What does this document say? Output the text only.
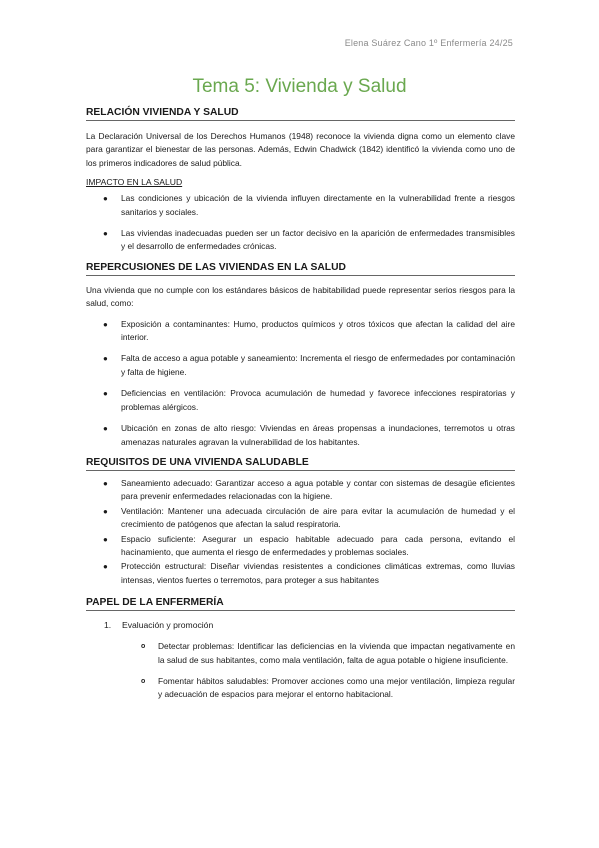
Elena Suárez Cano 1º Enfermería 24/25
Tema 5: Vivienda y Salud
RELACIÓN VIVIENDA Y SALUD

La Declaración Universal de los Derechos Humanos (1948) reconoce la vivienda digna como un elemento clave para garantizar el bienestar de las personas. Además, Edwin Chadwick (1842) identificó la vivienda como uno de los primeros indicadores de salud pública.

IMPACTO EN LA SALUD

● Las condiciones y ubicación de la vivienda influyen directamente en la vulnerabilidad frente a riesgos sanitarios y sociales.
● Las viviendas inadecuadas pueden ser un factor decisivo en la aparición de enfermedades transmisibles y el desarrollo de enfermedades crónicas.
REPERCUSIONES DE LAS VIVIENDAS EN LA SALUD

Una vivienda que no cumple con los estándares básicos de habitabilidad puede representar serios riesgos para la salud, como:

● Exposición a contaminantes: Humo, productos químicos y otros tóxicos que afectan la calidad del aire interior.
● Falta de acceso a agua potable y saneamiento: Incrementa el riesgo de enfermedades por contaminación y falta de higiene.
● Deficiencias en ventilación: Provoca acumulación de humedad y favorece infecciones respiratorias y problemas alérgicos.
● Ubicación en zonas de alto riesgo: Viviendas en áreas propensas a inundaciones, terremotos u otras amenazas naturales agravan la vulnerabilidad de los habitantes.
REQUISITOS DE UNA VIVIENDA SALUDABLE
● Saneamiento adecuado: Garantizar acceso a agua potable y contar con sistemas de desagüe eficientes para prevenir enfermedades relacionadas con la higiene.
● Ventilación: Mantener una adecuada circulación de aire para evitar la acumulación de humedad y el crecimiento de patógenos que afectan la salud respiratoria.
● Espacio suficiente: Asegurar un espacio habitable adecuado para cada persona, evitando el hacinamiento, que aumenta el riesgo de enfermedades y problemas sociales.
● Protección estructural: Diseñar viviendas resistentes a condiciones climáticas extremas, como lluvias intensas, vientos fuertes o terremotos, para proteger a sus habitantes
PAPEL DE LA ENFERMERÍA
1. Evaluación y promoción
o Detectar problemas: Identificar las deficiencias en la vivienda que impactan negativamente en la salud de sus habitantes, como mala ventilación, falta de agua potable o higiene insuficiente.
o Fomentar hábitos saludables: Promover acciones como una mejor ventilación, limpieza regular y adecuación de espacios para mejorar el entorno habitacional.
